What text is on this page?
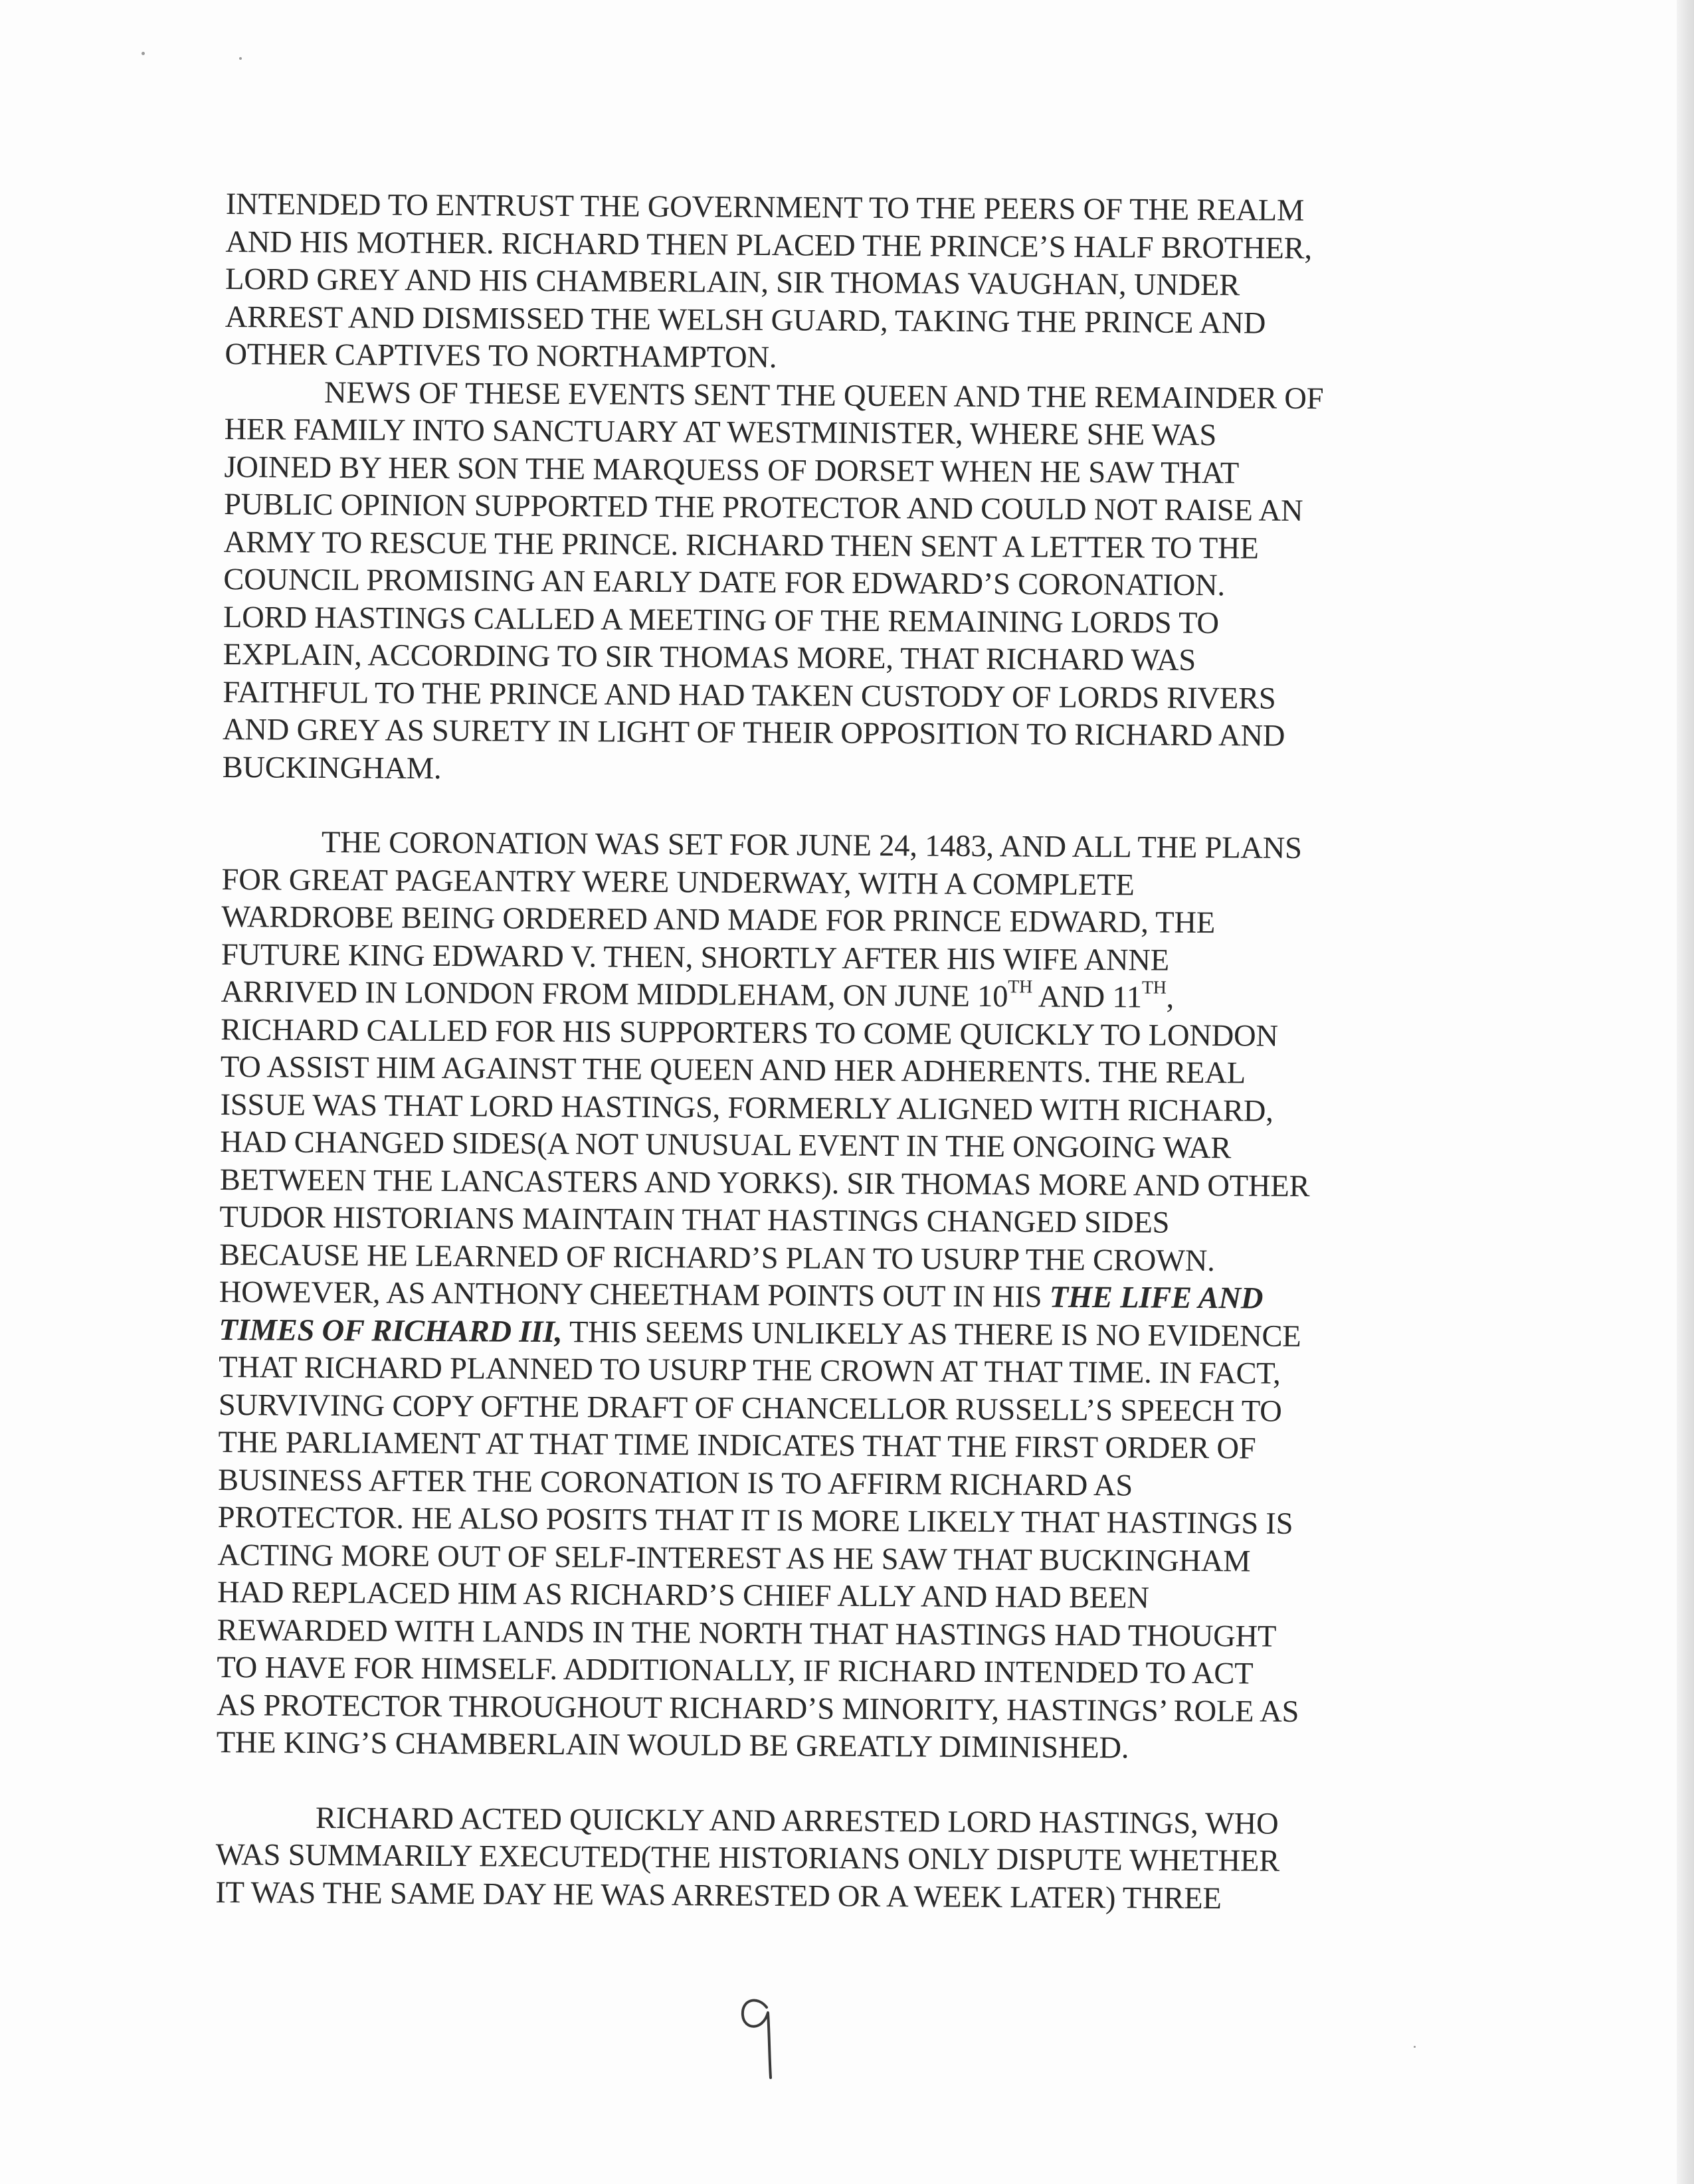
INTENDED TO ENTRUST THE GOVERNMENT TO THE PEERS OF THE REALM
AND HIS MOTHER. RICHARD THEN PLACED THE PRINCE’S HALF BROTHER,
LORD GREY AND HIS CHAMBERLAIN, SIR THOMAS VAUGHAN, UNDER
ARREST AND DISMISSED THE WELSH GUARD, TAKING THE PRINCE AND
OTHER CAPTIVES TO NORTHAMPTON.

NEWS OF THESE EVENTS SENT THE QUEEN AND THE REMAINDER OF
HER FAMILY INTO SANCTUARY AT WESTMINISTER, WHERE SHE WAS
JOINED BY HER SON THE MARQUESS OF DORSET WHEN HE SAW THAT
PUBLIC OPINION SUPPORTED THE PROTECTOR AND COULD NOT RAISE AN
ARMY TO RESCUE THE PRINCE. RICHARD THEN SENT A LETTER TO THE
COUNCIL PROMISING AN EARLY DATE FOR EDWARD’S CORONATION.
LORD HASTINGS CALLED A MEETING OF THE REMAINING LORDS TO
EXPLAIN, ACCORDING TO SIR THOMAS MORE, THAT RICHARD WAS
FAITHFUL TO THE PRINCE AND HAD TAKEN CUSTODY OF LORDS RIVERS
AND GREY AS SURETY IN LIGHT OF THEIR OPPOSITION TO RICHARD AND
BUCKINGHAM.

THE CORONATION WAS SET FOR JUNE 24, 1483, AND ALL THE PLANS
FOR GREAT PAGEANTRY WERE UNDERWAY, WITH A COMPLETE
WARDROBE BEING ORDERED AND MADE FOR PRINCE EDWARD, THE
FUTURE KING EDWARD V. THEN, SHORTLY AFTER HIS WIFE ANNE
ARRIVED IN LONDON FROM MIDDLEHAM, ON JUNE 10TH AND 11TH,
RICHARD CALLED FOR HIS SUPPORTERS TO COME QUICKLY TO LONDON
TO ASSIST HIM AGAINST THE QUEEN AND HER ADHERENTS. THE REAL
ISSUE WAS THAT LORD HASTINGS, FORMERLY ALIGNED WITH RICHARD,
HAD CHANGED SIDES(A NOT UNUSUAL EVENT IN THE ONGOING WAR
BETWEEN THE LANCASTERS AND YORKS). SIR THOMAS MORE AND OTHER
TUDOR HISTORIANS MAINTAIN THAT HASTINGS CHANGED SIDES
BECAUSE HE LEARNED OF RICHARD’S PLAN TO USURP THE CROWN.
HOWEVER, AS ANTHONY CHEETHAM POINTS OUT IN HIS THE LIFE AND
TIMES OF RICHARD III, THIS SEEMS UNLIKELY AS THERE IS NO EVIDENCE
THAT RICHARD PLANNED TO USURP THE CROWN AT THAT TIME. IN FACT,
SURVIVING COPY OFTHE DRAFT OF CHANCELLOR RUSSELL’S SPEECH TO
THE PARLIAMENT AT THAT TIME INDICATES THAT THE FIRST ORDER OF
BUSINESS AFTER THE CORONATION IS TO AFFIRM RICHARD AS
PROTECTOR. HE ALSO POSITS THAT IT IS MORE LIKELY THAT HASTINGS IS
ACTING MORE OUT OF SELF-INTEREST AS HE SAW THAT BUCKINGHAM
HAD REPLACED HIM AS RICHARD’S CHIEF ALLY AND HAD BEEN
REWARDED WITH LANDS IN THE NORTH THAT HASTINGS HAD THOUGHT
TO HAVE FOR HIMSELF. ADDITIONALLY, IF RICHARD INTENDED TO ACT
AS PROTECTOR THROUGHOUT RICHARD’S MINORITY, HASTINGS’ ROLE AS
THE KING’S CHAMBERLAIN WOULD BE GREATLY DIMINISHED.

RICHARD ACTED QUICKLY AND ARRESTED LORD HASTINGS, WHO
WAS SUMMARILY EXECUTED(THE HISTORIANS ONLY DISPUTE WHETHER
IT WAS THE SAME DAY HE WAS ARRESTED OR A WEEK LATER) THREE
